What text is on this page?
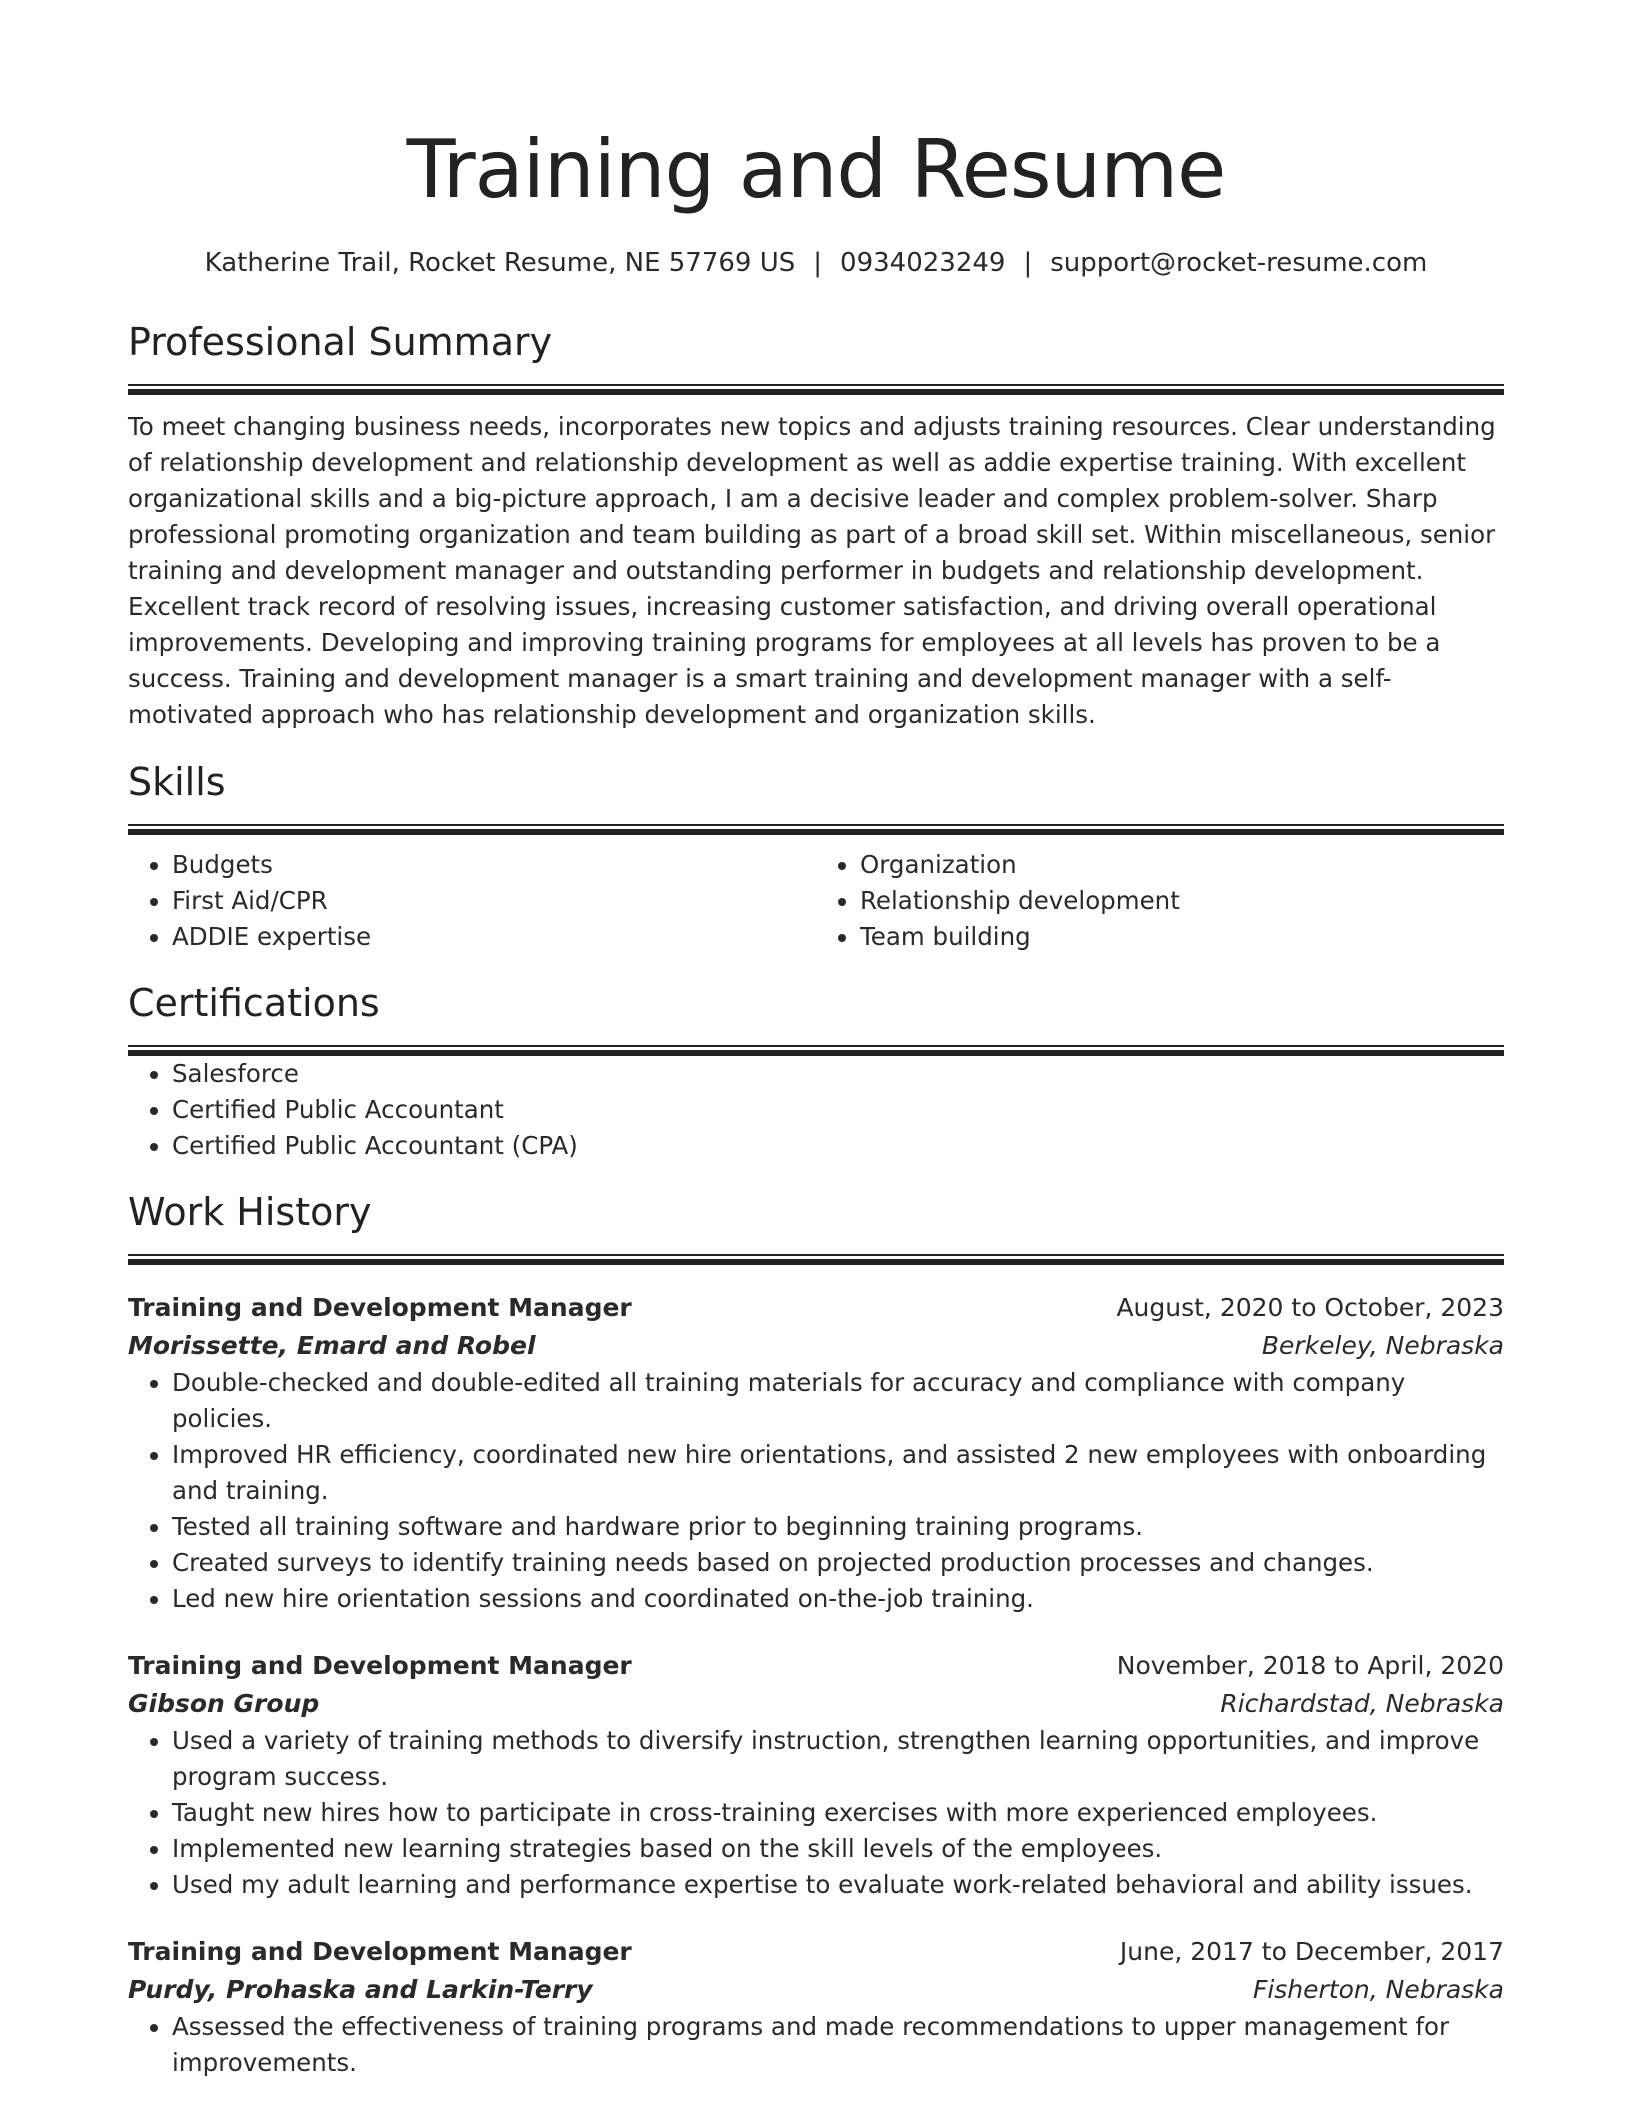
Training and Resume
Katherine Trail, Rocket Resume, NE 57769 US | 0934023249 | support@rocket-resume.com
Professional Summary

To meet changing business needs, incorporates new topics and adjusts training resources. Clear understanding of relationship development and relationship development as well as addie expertise training. With excellent organizational skills and a big-picture approach, I am a decisive leader and complex problem-solver. Sharp professional promoting organization and team building as part of a broad skill set. Within miscellaneous, senior training and development manager and outstanding performer in budgets and relationship development. Excellent track record of resolving issues, increasing customer satisfaction, and driving overall operational improvements. Developing and improving training programs for employees at all levels has proven to be a success. Training and development manager is a smart training and development manager with a self-motivated approach who has relationship development and organization skills.

Skills
• Budgets
• First Aid/CPR
• ADDIE expertise
• Organization
• Relationship development
• Team building
Certifications
• Salesforce
• Certified Public Accountant
• Certified Public Accountant (CPA)
Work History
Training and Development Manager	August, 2020 to October, 2023
Morissette, Emard and Robel	Berkeley, Nebraska
• Double-checked and double-edited all training materials for accuracy and compliance with company policies.
• Improved HR efficiency, coordinated new hire orientations, and assisted 2 new employees with onboarding and training.
• Tested all training software and hardware prior to beginning training programs.
• Created surveys to identify training needs based on projected production processes and changes.
• Led new hire orientation sessions and coordinated on-the-job training.
Training and Development Manager	November, 2018 to April, 2020
Gibson Group	Richardstad, Nebraska
• Used a variety of training methods to diversify instruction, strengthen learning opportunities, and improve program success.
• Taught new hires how to participate in cross-training exercises with more experienced employees.
• Implemented new learning strategies based on the skill levels of the employees.
• Used my adult learning and performance expertise to evaluate work-related behavioral and ability issues.
Training and Development Manager	June, 2017 to December, 2017
Purdy, Prohaska and Larkin-Terry	Fisherton, Nebraska
• Assessed the effectiveness of training programs and made recommendations to upper management for improvements.
